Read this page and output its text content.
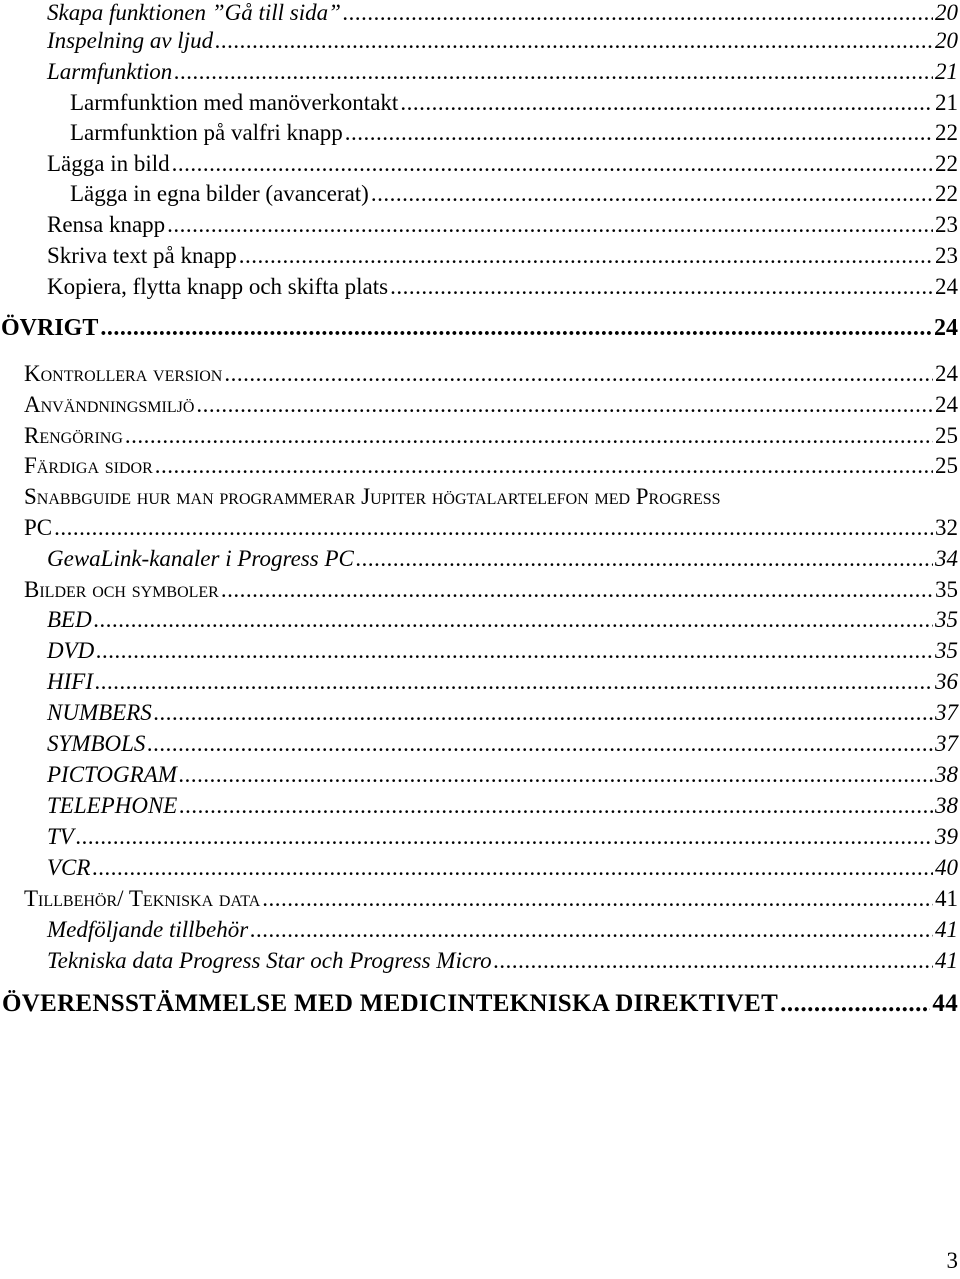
Skapa funktionen ”Gå till sida” .....	20
Inspelning av ljud .....	20
Larmfunktion .....	21
Larmfunktion med manöverkontakt .....	21
Larmfunktion på valfri knapp .....	22
Lägga in bild .....	22
Lägga in egna bilder (avancerat) .....	22
Rensa knapp .....	23
Skriva text på knapp .....	23
Kopiera, flytta knapp och skifta plats .....	24
ÖVRIGT .....	24
Kontrollera version .....	24
Användningsmiljö .....	24
Rengöring .....	25
Färdiga sidor .....	25
Snabbguide hur man programmerar Jupiter högtalartelefon med Progress
PC .....	32
GewaLink-kanaler i Progress PC .....	34
Bilder och symboler .....	35
BED .....	35
DVD .....	35
HIFI .....	36
NUMBERS .....	37
SYMBOLS .....	37
PICTOGRAM .....	38
TELEPHONE .....	38
TV .....	39
VCR .....	40
Tillbehör/ Tekniska data .....	41
Medföljande tillbehör .....	41
Tekniska data Progress Star och Progress Micro .....	41
ÖVERENSSTÄMMELSE MED MEDICINTEKNISKA DIREKTIVET .....	44
3
